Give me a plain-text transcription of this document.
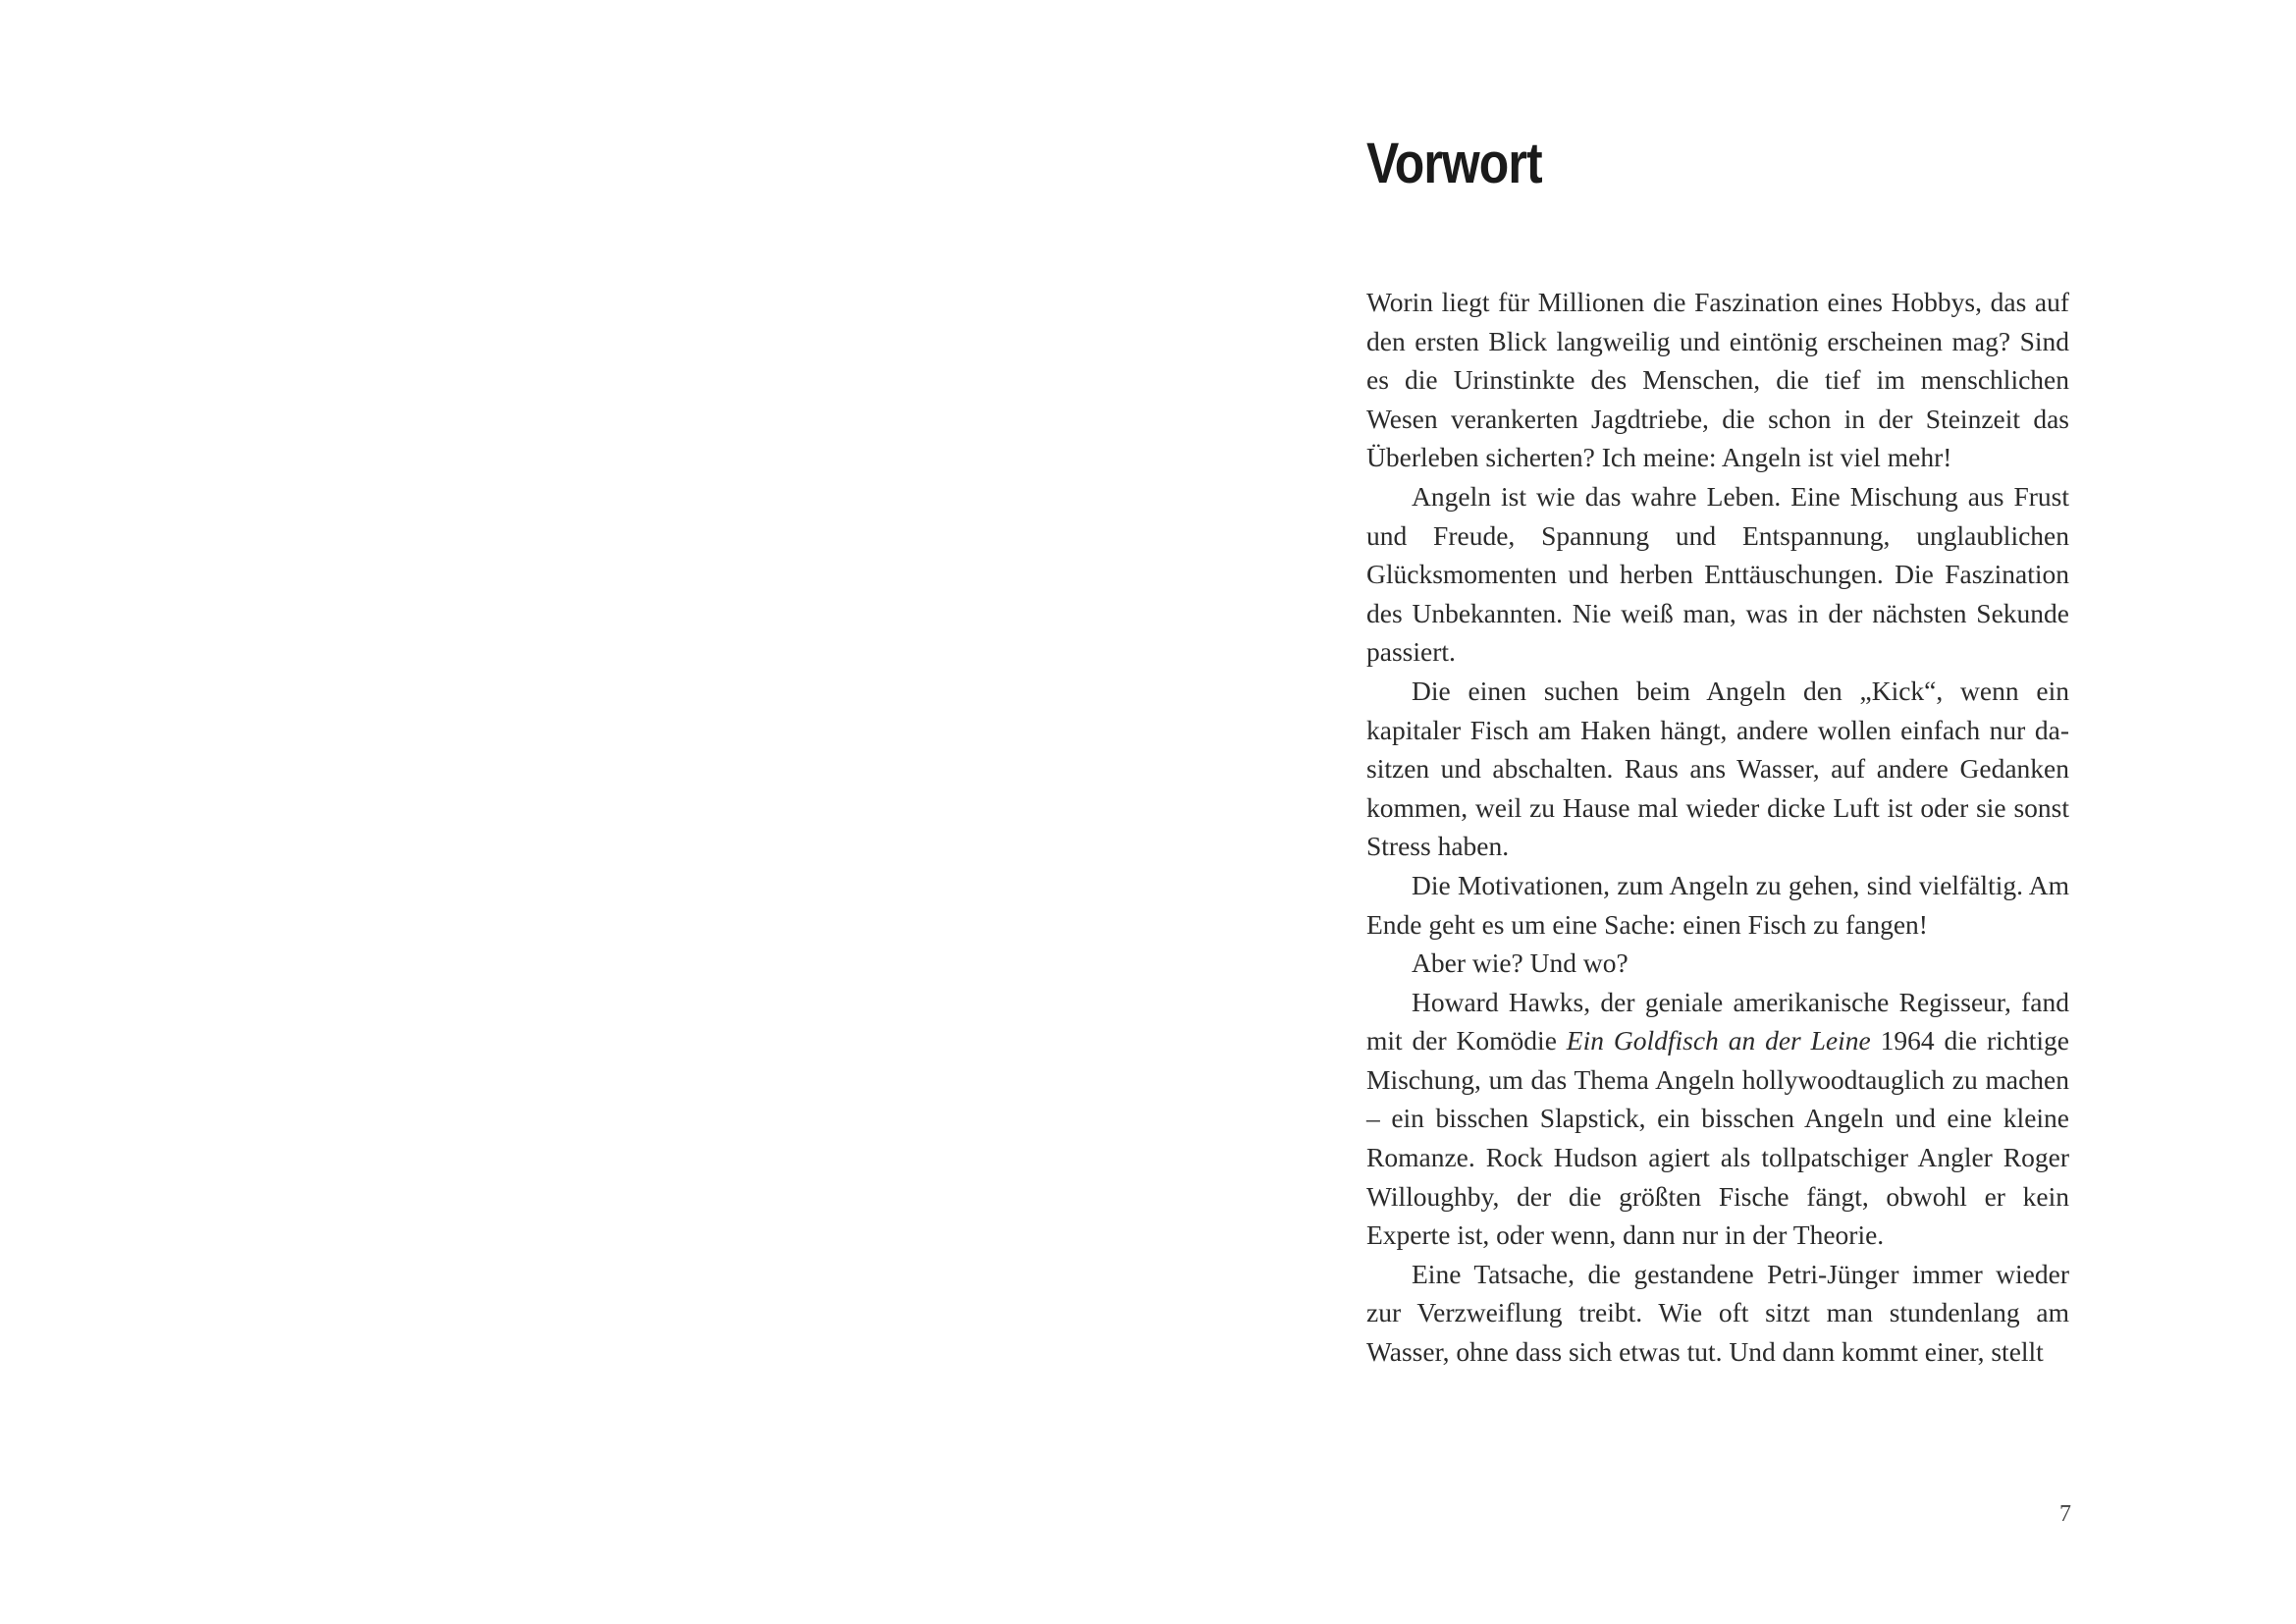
Vorwort

Worin liegt für Millionen die Faszination eines Hobbys, das auf den ersten Blick langweilig und eintönig erscheinen mag? Sind es die Urinstinkte des Menschen, die tief im menschlichen Wesen verankerten Jagdtriebe, die schon in der Steinzeit das Überleben sicherten? Ich meine: Angeln ist viel mehr!

Angeln ist wie das wahre Leben. Eine Mischung aus Frust und Freude, Spannung und Entspannung, unglaublichen Glücksmomenten und herben Enttäuschungen. Die Faszination des Unbekannten. Nie weiß man, was in der nächsten Sekunde passiert.

Die einen suchen beim Angeln den „Kick“, wenn ein kapitaler Fisch am Haken hängt, andere wollen einfach nur da-sitzen und abschalten. Raus ans Wasser, auf andere Gedanken kommen, weil zu Hause mal wieder dicke Luft ist oder sie sonst Stress haben.

Die Motivationen, zum Angeln zu gehen, sind vielfältig. Am Ende geht es um eine Sache: einen Fisch zu fangen!

Aber wie? Und wo?

Howard Hawks, der geniale amerikanische Regisseur, fand mit der Komödie Ein Goldfisch an der Leine 1964 die richtige Mischung, um das Thema Angeln hollywoodtauglich zu machen – ein bisschen Slapstick, ein bisschen Angeln und eine kleine Romanze. Rock Hudson agiert als tollpatschiger Angler Roger Willoughby, der die größten Fische fängt, obwohl er kein Experte ist, oder wenn, dann nur in der Theorie.

Eine Tatsache, die gestandene Petri-Jünger immer wieder zur Verzweiflung treibt. Wie oft sitzt man stundenlang am Wasser, ohne dass sich etwas tut. Und dann kommt einer, stellt

7
